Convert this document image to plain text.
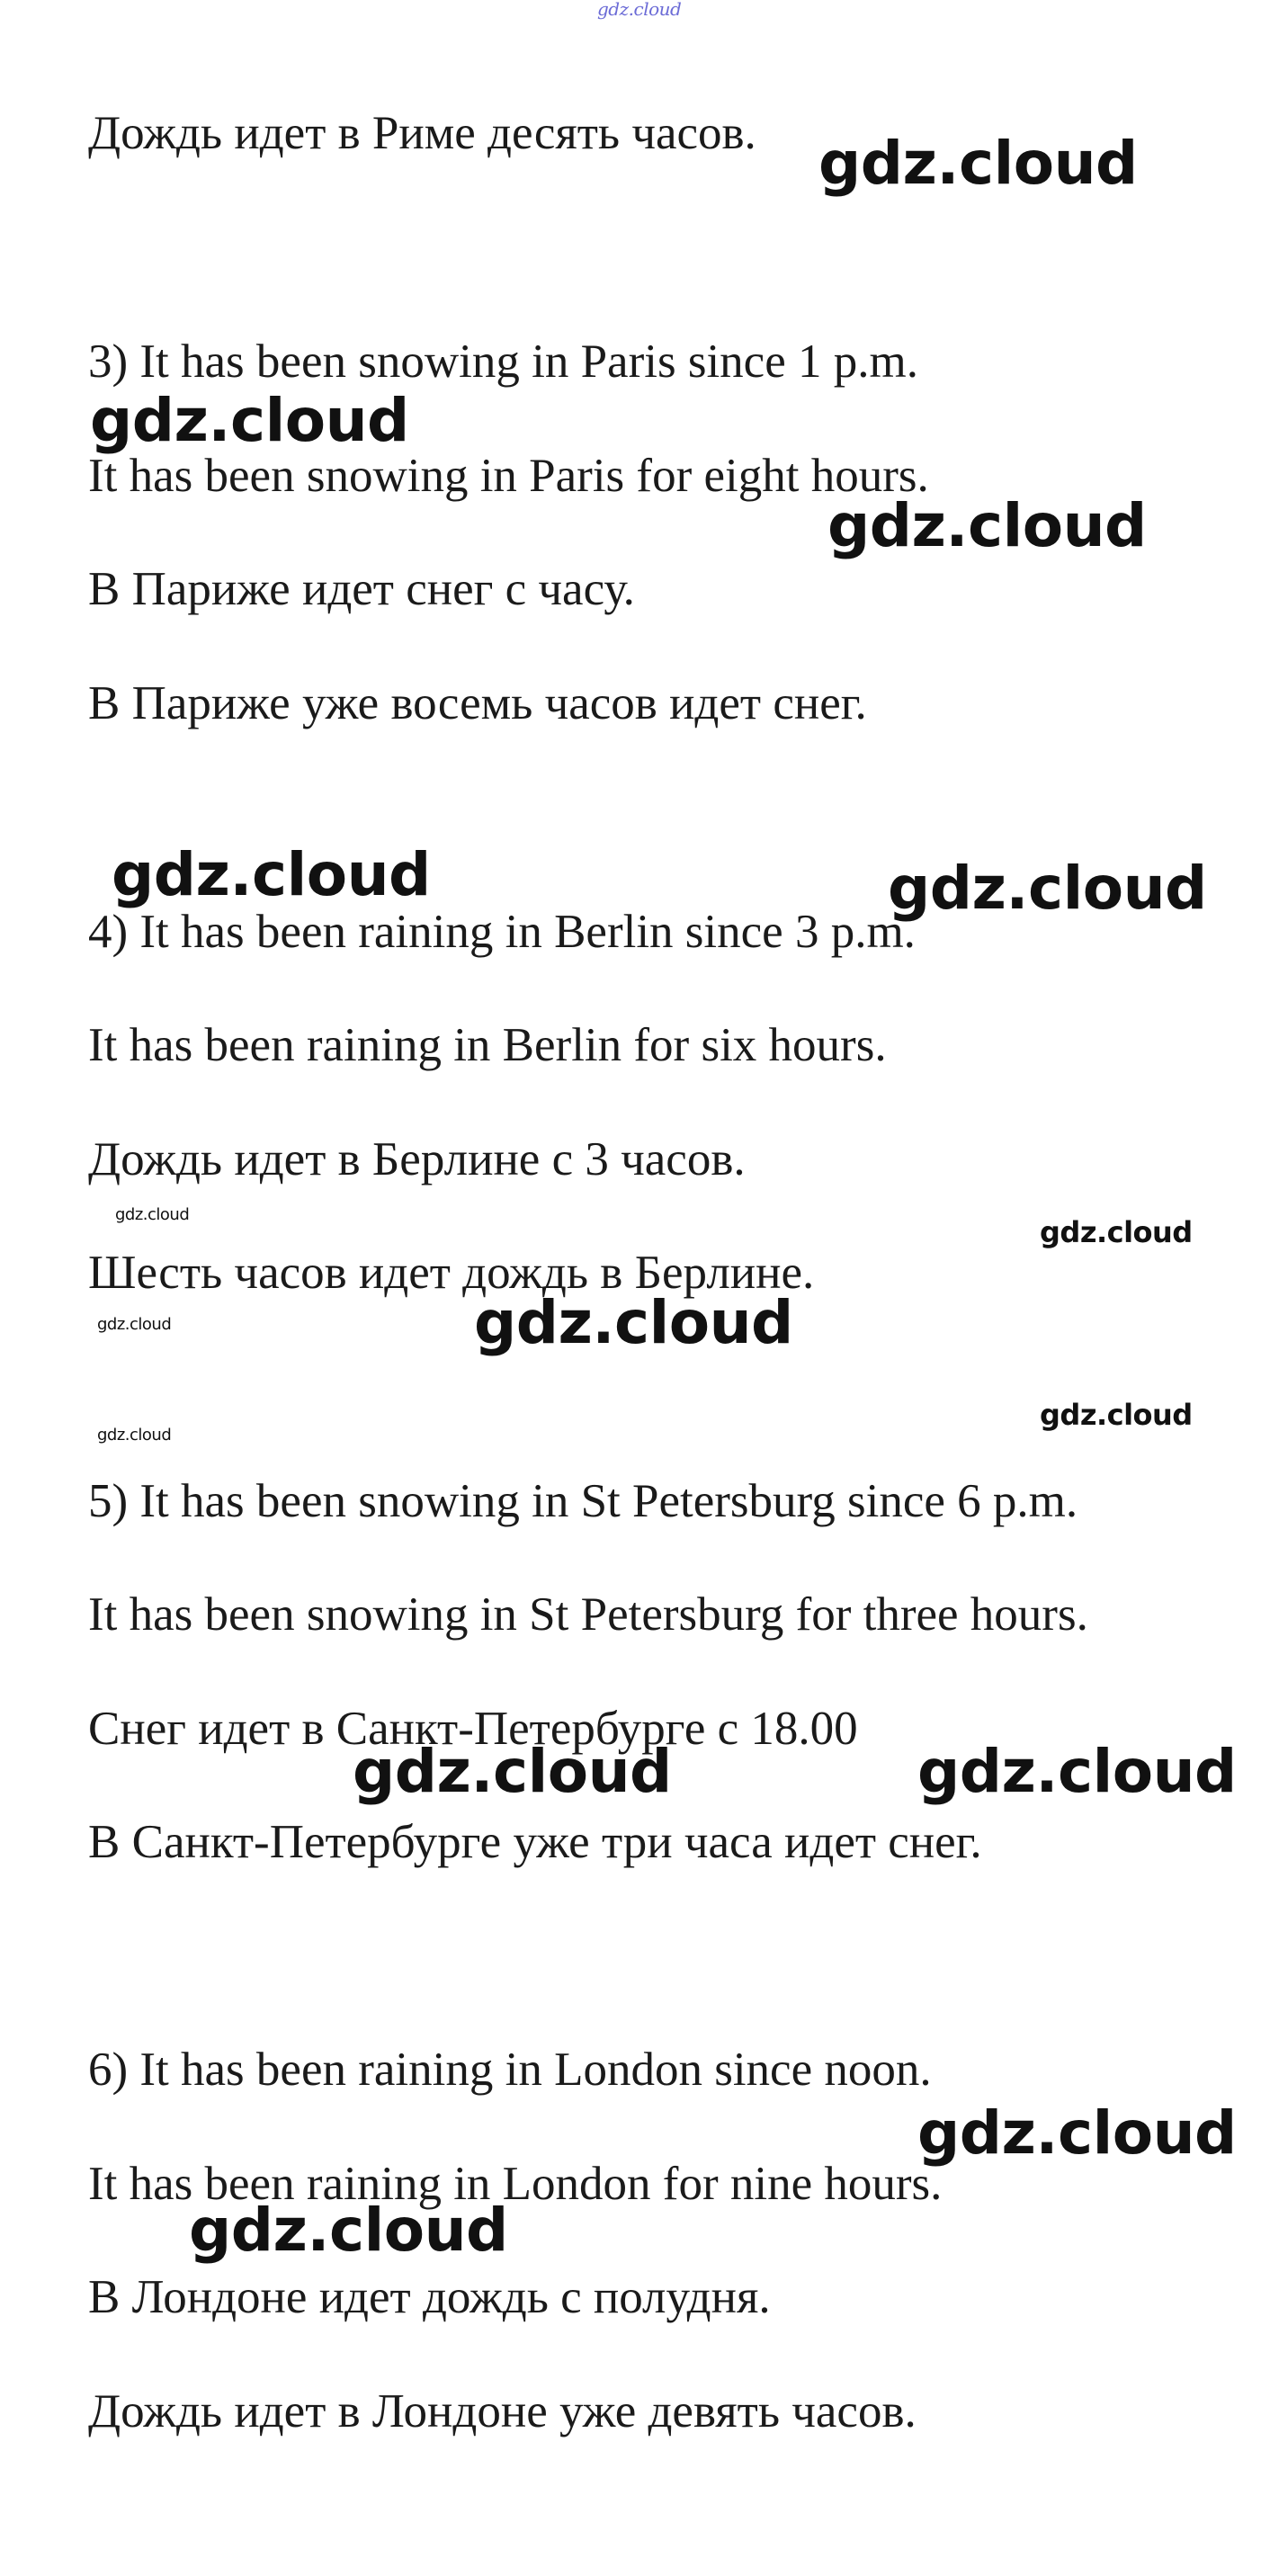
gdz.cloud
Дождь идет в Риме десять часов.
3) It has been snowing in Paris since 1 p.m.
It has been snowing in Paris for eight hours.
В Париже идет снег с часу.
В Париже уже восемь часов идет снег.
4) It has been raining in Berlin since 3 p.m.
It has been raining in Berlin for six hours.
Дождь идет в Берлине с 3 часов.
Шесть часов идет дождь в Берлине.
5) It has been snowing in St Petersburg since 6 p.m.
It has been snowing in St Petersburg for three hours.
Снег идет в Санкт-Петербурге с 18.00
В Санкт-Петербурге уже три часа идет снег.
6) It has been raining in London since noon.
It has been raining in London for nine hours.
В Лондоне идет дождь с полудня.
Дождь идет в Лондоне уже девять часов.
gdz.cloud
gdz.cloud
gdz.cloud
gdz.cloud	gdz.cloud
gdz.cloud
gdz.cloud
gdz.cloud	gdz.cloud
gdz.cloud
gdz.cloud
gdz.cloud	gdz.cloud
gdz.cloud
gdz.cloud
